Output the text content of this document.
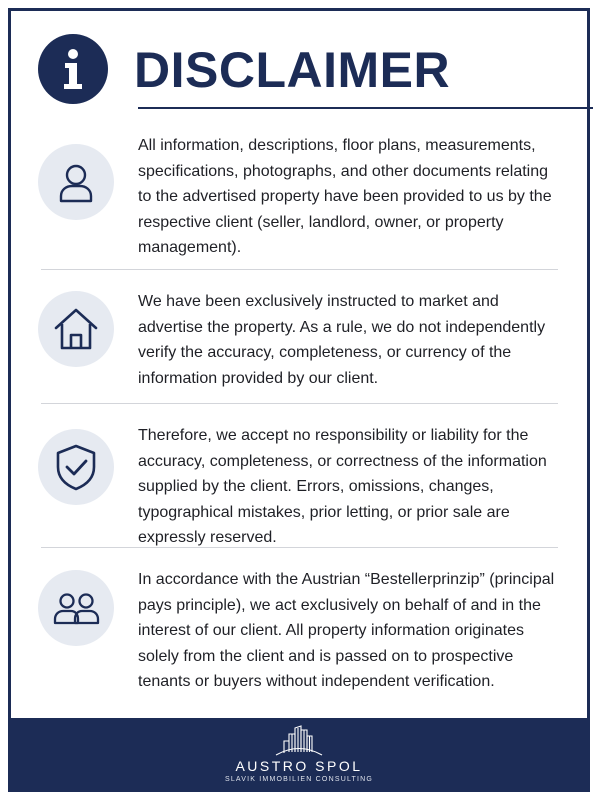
DISCLAIMER

All information, descriptions, floor plans, measurements, specifications, photographs, and other documents relating to the advertised property have been provided to us by the respective client (seller, landlord, owner, or property management).

We have been exclusively instructed to market and advertise the property. As a rule, we do not independently verify the accuracy, completeness, or currency of the information provided by our client.

Therefore, we accept no responsibility or liability for the accuracy, completeness, or correctness of the information supplied by the client. Errors, omissions, changes, typographical mistakes, prior letting, or prior sale are expressly reserved.

In accordance with the Austrian “Bestellerprinzip” (principal pays principle), we act exclusively on behalf of and in the interest of our client. All property information originates solely from the client and is passed on to prospective tenants or buyers without independent verification.

AUSTRO SPOL

SLAVIK IMMOBILIEN CONSULTING
